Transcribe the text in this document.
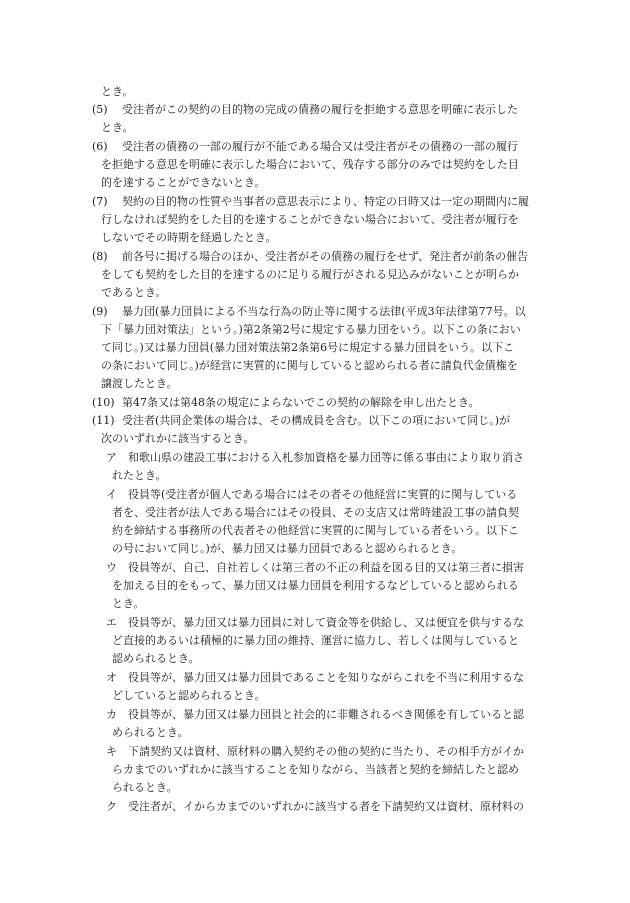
とき。
(5) 受注者がこの契約の目的物の完成の債務の履行を拒絶する意思を明確に表示した
とき。
(6) 受注者の債務の一部の履行が不能である場合又は受注者がその債務の一部の履行
を拒絶する意思を明確に表示した場合において、残存する部分のみでは契約をした目
的を達することができないとき。
(7) 契約の目的物の性質や当事者の意思表示により、特定の日時又は一定の期間内に履
行しなければ契約をした目的を達することができない場合において、受注者が履行を
しないでその時期を経過したとき。
(8) 前各号に掲げる場合のほか、受注者がその債務の履行をせず、発注者が前条の催告
をしても契約をした目的を達するのに足りる履行がされる見込みがないことが明らか
であるとき。
(9) 暴力団(暴力団員による不当な行為の防止等に関する法律(平成3年法律第77号。以
下「暴力団対策法」という。)第2条第2号に規定する暴力団をいう。以下この条におい
て同じ。)又は暴力団員(暴力団対策法第2条第6号に規定する暴力団員をいう。以下こ
の条において同じ。)が経営に実質的に関与していると認められる者に請負代金債権を
譲渡したとき。
(10) 第47条又は第48条の規定によらないでこの契約の解除を申し出たとき。
(11) 受注者(共同企業体の場合は、その構成員を含む。以下この項において同じ。)が
次のいずれかに該当するとき。
ア 和歌山県の建設工事における入札参加資格を暴力団等に係る事由により取り消さ
れたとき。
イ 役員等(受注者が個人である場合にはその者その他経営に実質的に関与している
者を、受注者が法人である場合にはその役員、その支店又は常時建設工事の請負契
約を締結する事務所の代表者その他経営に実質的に関与している者をいう。以下こ
の号において同じ。)が、暴力団又は暴力団員であると認められるとき。
ウ 役員等が、自己、自社若しくは第三者の不正の利益を図る目的又は第三者に損害
を加える目的をもって、暴力団又は暴力団員を利用するなどしていると認められる
とき。
エ 役員等が、暴力団又は暴力団員に対して資金等を供給し、又は便宜を供与するな
ど直接的あるいは積極的に暴力団の維持、運営に協力し、若しくは関与していると
認められるとき。
オ 役員等が、暴力団又は暴力団員であることを知りながらこれを不当に利用するな
どしていると認められるとき。
カ 役員等が、暴力団又は暴力団員と社会的に非難されるべき関係を有していると認
められるとき。
キ 下請契約又は資材、原材料の購入契約その他の契約に当たり、その相手方がイか
らカまでのいずれかに該当することを知りながら、当該者と契約を締結したと認め
られるとき。
ク 受注者が、イからカまでのいずれかに該当する者を下請契約又は資材、原材料の
